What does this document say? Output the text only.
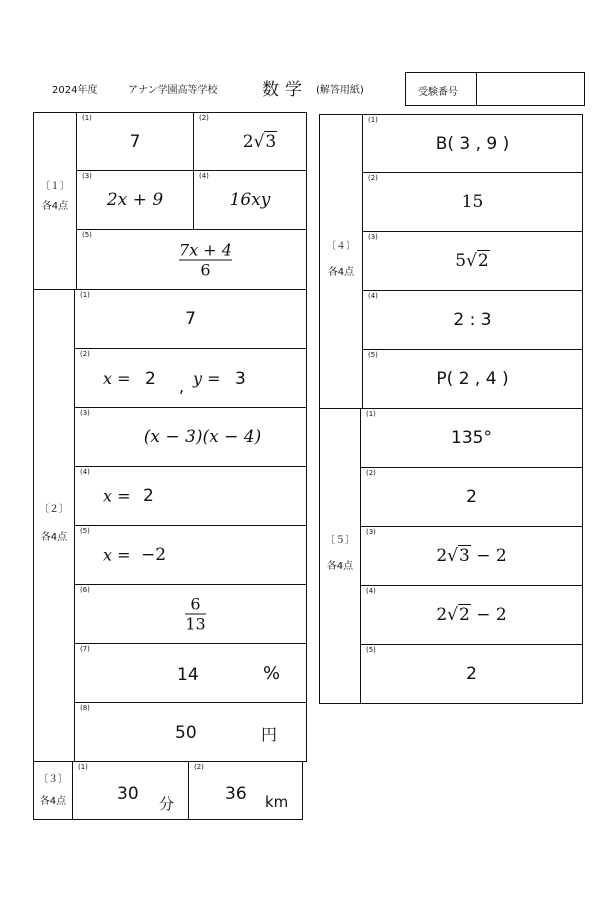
2024年度	アナン学園高等学校	数学 (解答用紙)	受験番号
〔１〕
各4点
(1)
7
(2)
2√3
(3)
2x + 9
(4)
16xy
(5)
$\frac{7x + 4}{6}$
〔２〕
各4点
(1)
7
(2)
x = 2 , y = 3
(3)
(x − 3)(x − 4)
(4)
x = 2
(5)
x = −2
(6)
$\frac{6}{13}$
(7)
14	%
(8)
50	円
〔３〕
各4点
(1)
30 分
(2)
36 km
〔４〕
各4点
(1)
B( 3 , 9 )
(2)
15
(3)
5√2
(4)
2 : 3
(5)
P( 2 , 4 )
〔５〕
各4点
(1)
135°
(2)
2
(3)
2√3 − 2
(4)
2√2 − 2
(5)
2
